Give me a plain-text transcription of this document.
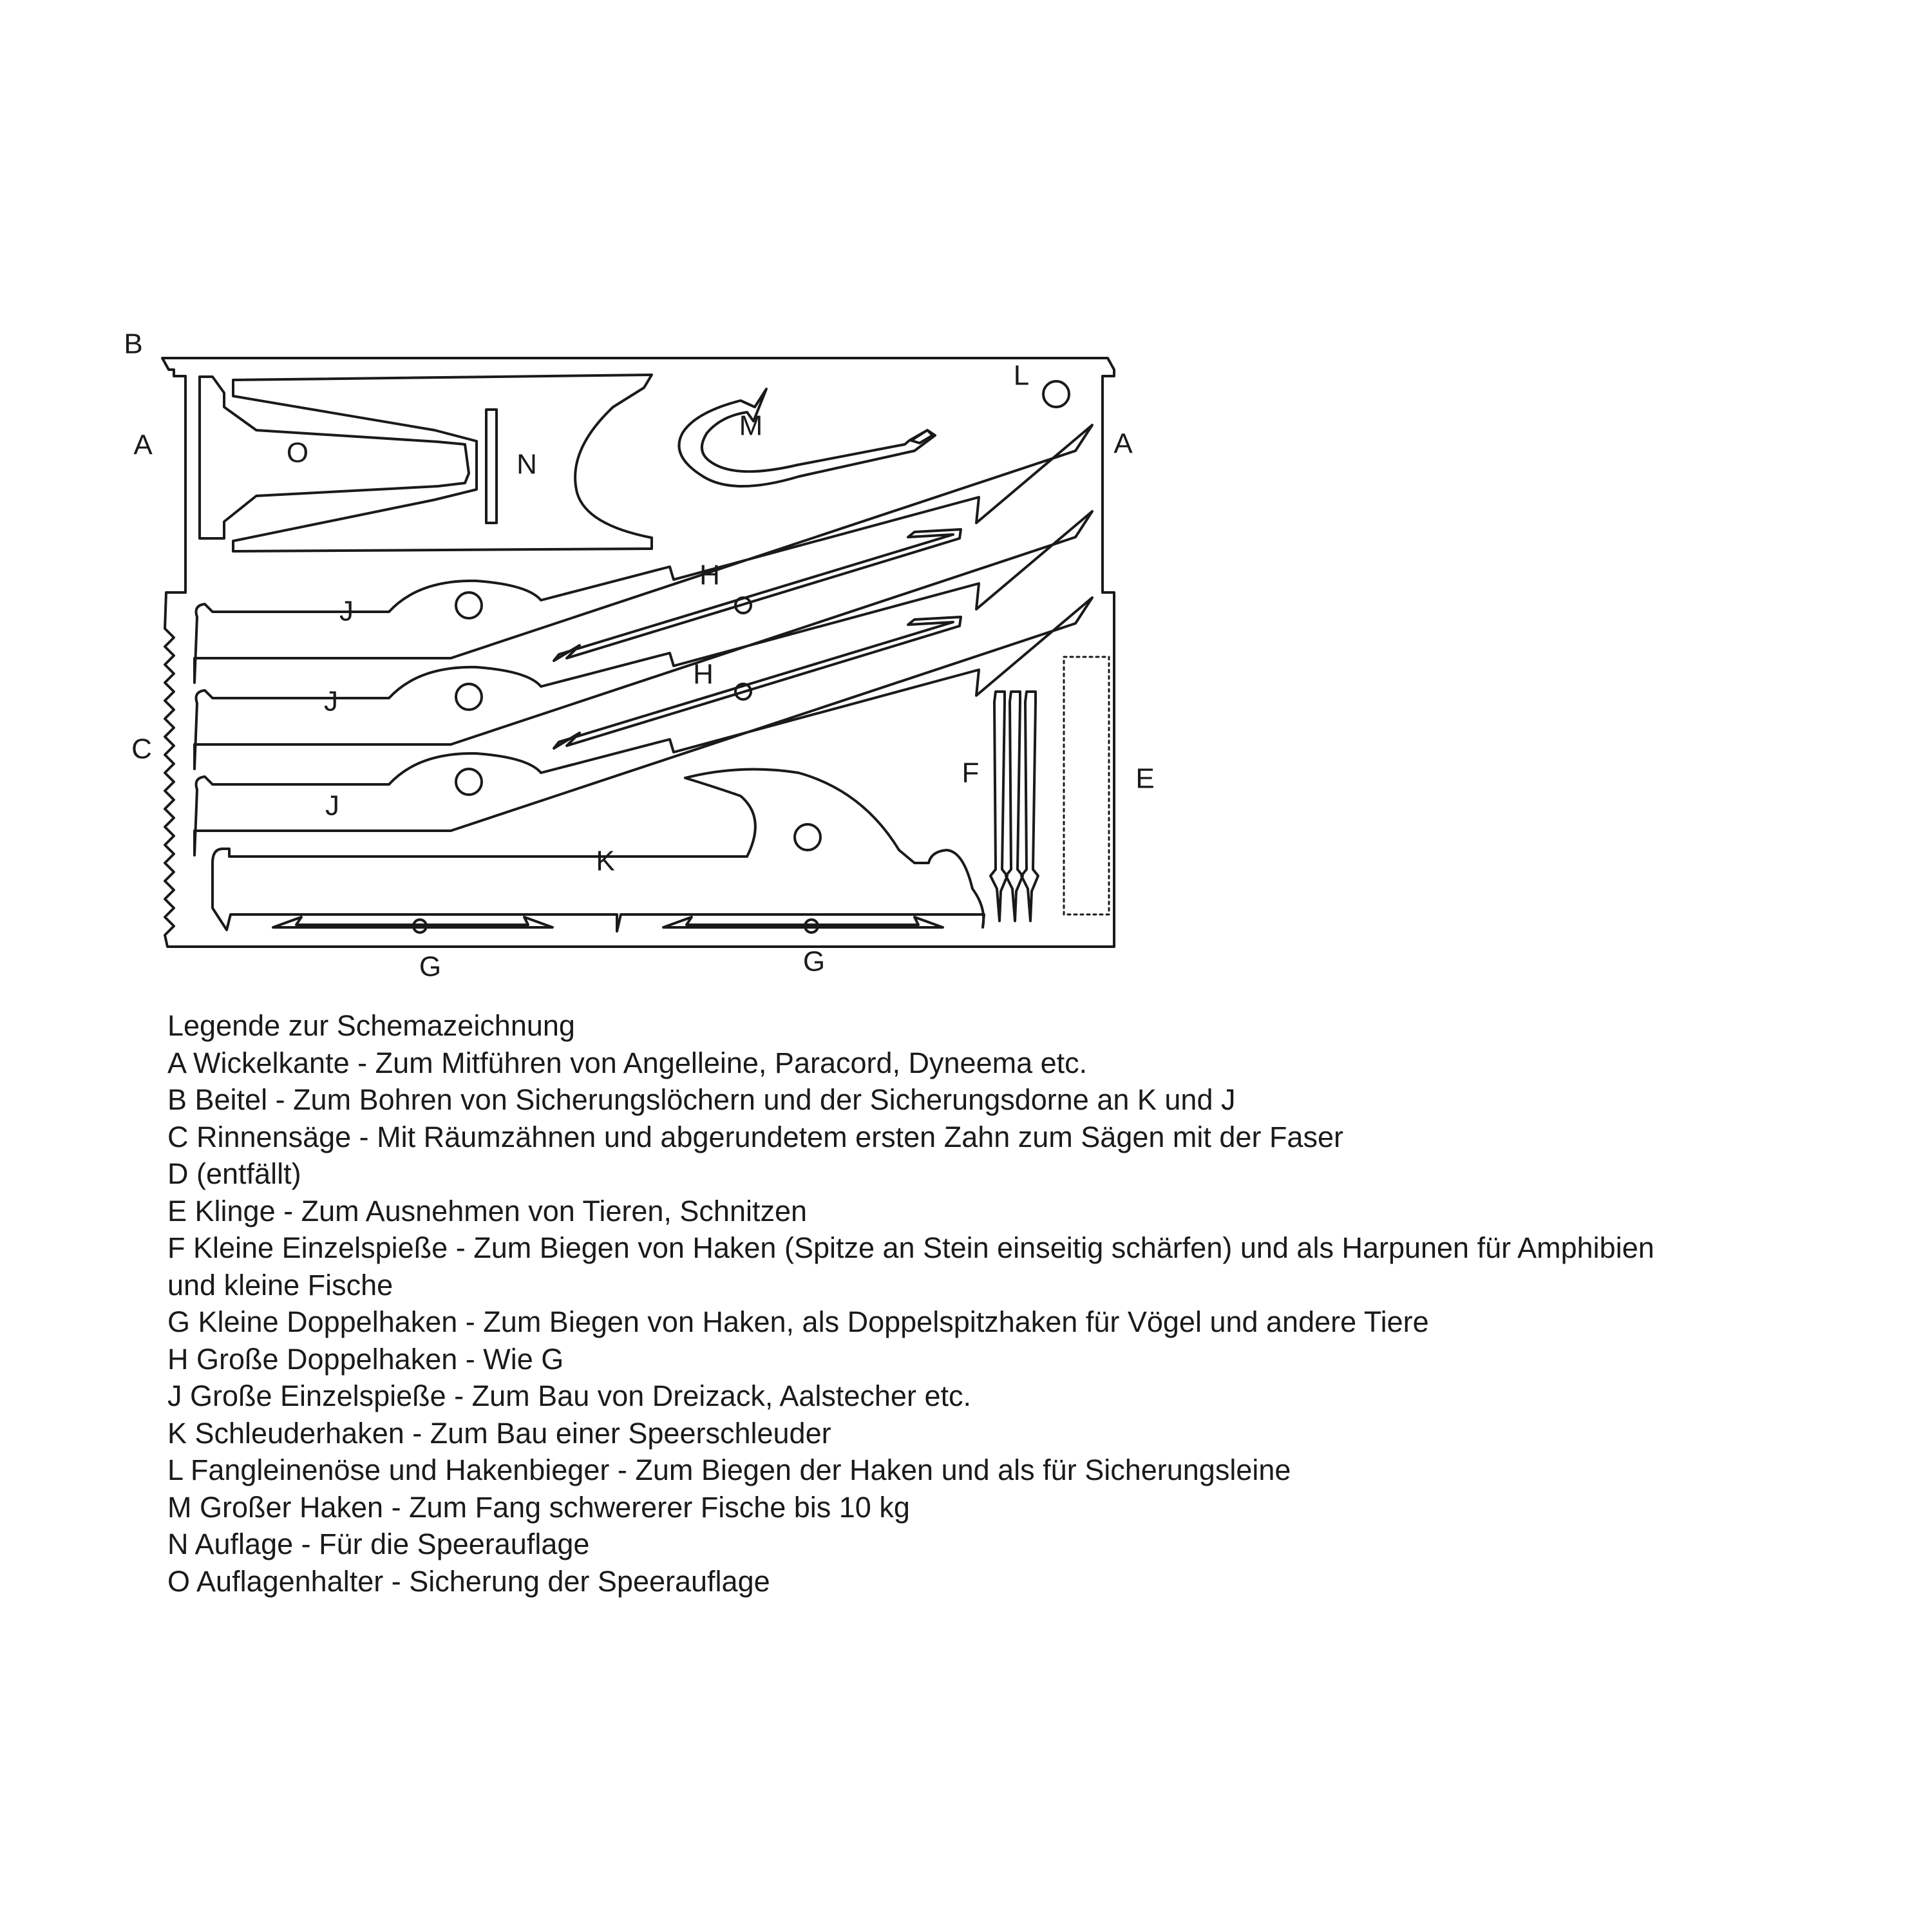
A	A
B
C
E
F
G	G
H
H
J
J
J
K
L
M
N
O
Legende zur Schemazeichnung
A Wickelkante - Zum Mitführen von Angelleine, Paracord, Dyneema etc.
B Beitel - Zum Bohren von Sicherungslöchern und der Sicherungsdorne an K und J
C Rinnensäge - Mit Räumzähnen und abgerundetem ersten Zahn zum Sägen mit der Faser
D (entfällt)
E Klinge - Zum Ausnehmen von Tieren, Schnitzen
F Kleine Einzelspieße - Zum Biegen von Haken (Spitze an Stein einseitig schärfen) und als Harpunen für Amphibien
und kleine Fische
G Kleine Doppelhaken - Zum Biegen von Haken, als Doppelspitzhaken für Vögel und andere Tiere
H Große Doppelhaken - Wie G
J Große Einzelspieße - Zum Bau von Dreizack, Aalstecher etc.
K Schleuderhaken - Zum Bau einer Speerschleuder
L Fangleinenöse und Hakenbieger - Zum Biegen der Haken und als für Sicherungsleine
M Großer Haken - Zum Fang schwererer Fische bis 10 kg
N Auflage - Für die Speerauflage
O Auflagenhalter - Sicherung der Speerauflage
